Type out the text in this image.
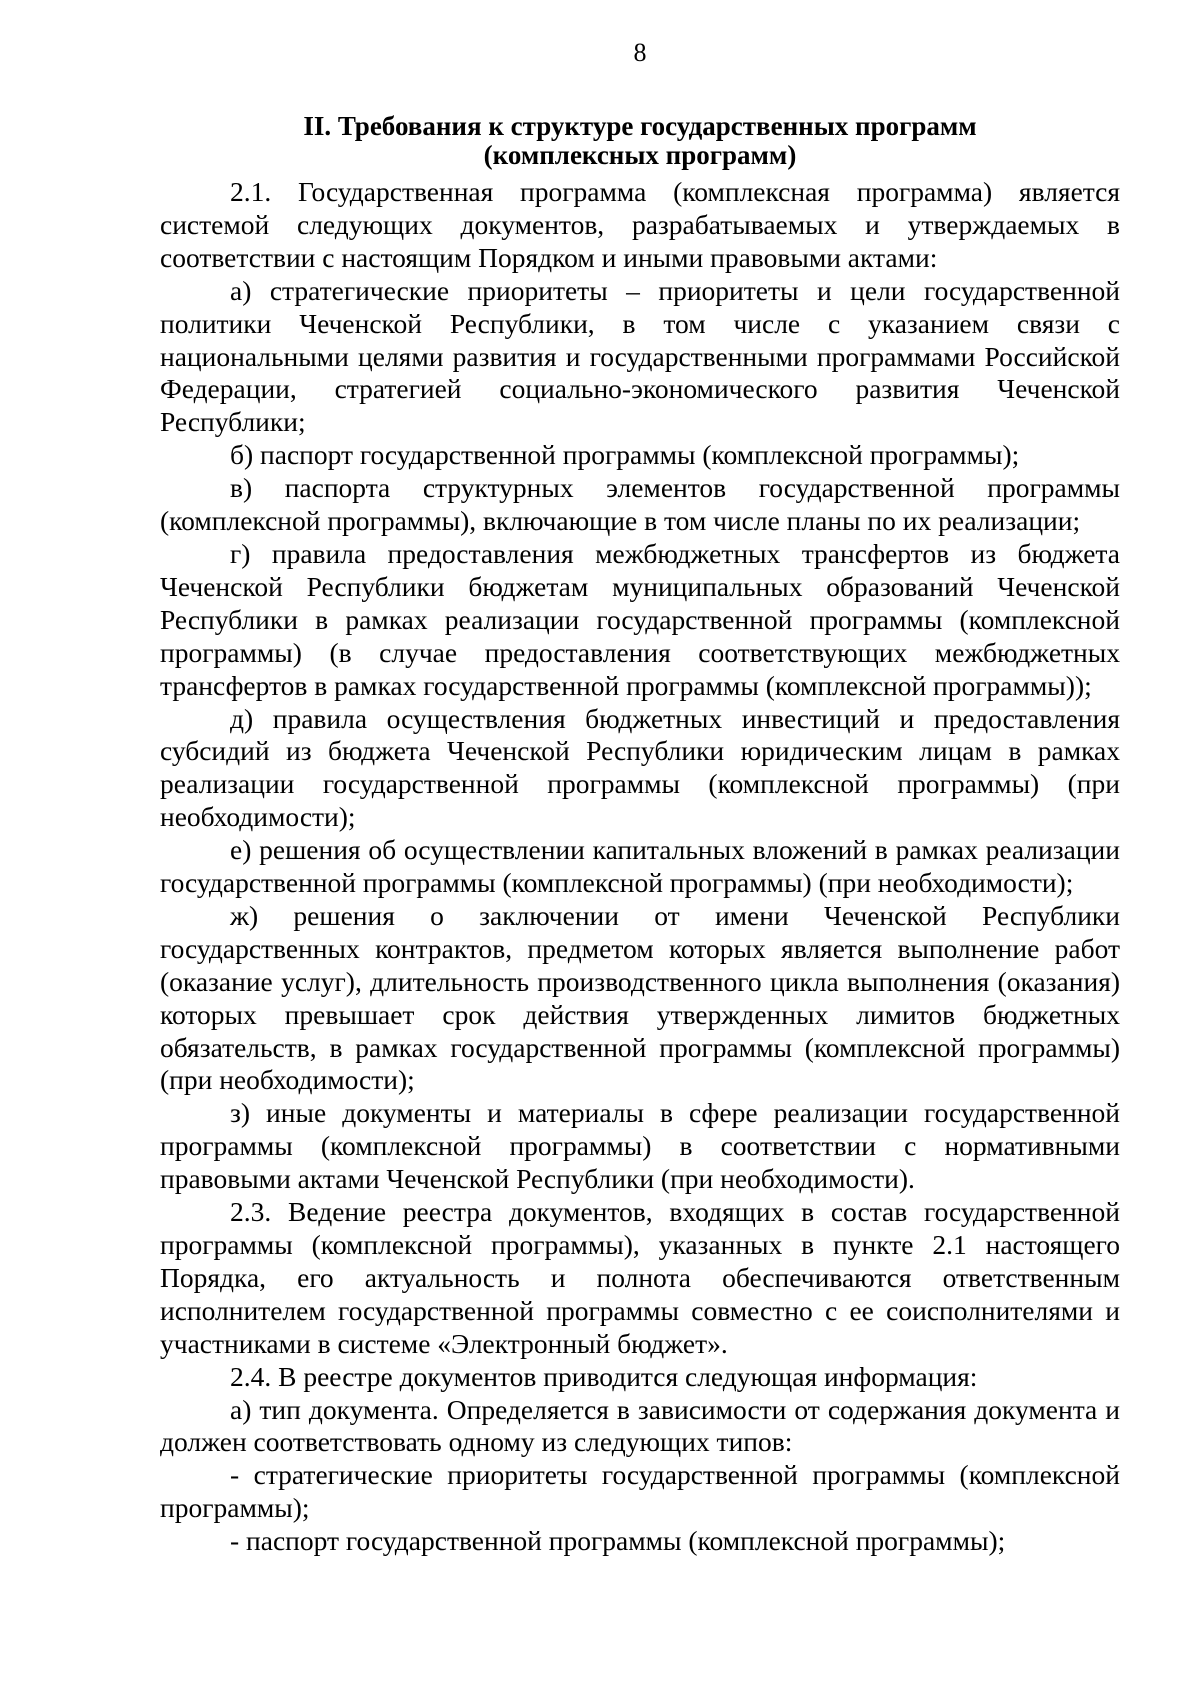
8
II. Требования к структуре государственных программ
(комплексных программ)

2.1. Государственная программа (комплексная программа) является системой следующих документов, разрабатываемых и утверждаемых в соответствии с настоящим Порядком и иными правовыми актами:

а) стратегические приоритеты – приоритеты и цели государственной политики Чеченской Республики, в том числе с указанием связи с национальными целями развития и государственными программами Российской Федерации, стратегией социально-экономического развития Чеченской Республики;

б) паспорт государственной программы (комплексной программы);

в) паспорта структурных элементов государственной программы (комплексной программы), включающие в том числе планы по их реализации;

г) правила предоставления межбюджетных трансфертов из бюджета Чеченской Республики бюджетам муниципальных образований Чеченской Республики в рамках реализации государственной программы (комплексной программы) (в случае предоставления соответствующих межбюджетных трансфертов в рамках государственной программы (комплексной программы));

д) правила осуществления бюджетных инвестиций и предоставления субсидий из бюджета Чеченской Республики юридическим лицам в рамках реализации государственной программы (комплексной программы) (при необходимости);

е) решения об осуществлении капитальных вложений в рамках реализации государственной программы (комплексной программы) (при необходимости);

ж) решения о заключении от имени Чеченской Республики государственных контрактов, предметом которых является выполнение работ (оказание услуг), длительность производственного цикла выполнения (оказания) которых превышает срок действия утвержденных лимитов бюджетных обязательств, в рамках государственной программы (комплексной программы) (при необходимости);

з) иные документы и материалы в сфере реализации государственной программы (комплексной программы) в соответствии с нормативными правовыми актами Чеченской Республики (при необходимости).

2.3. Ведение реестра документов, входящих в состав государственной программы (комплексной программы), указанных в пункте 2.1 настоящего Порядка, его актуальность и полнота обеспечиваются ответственным исполнителем государственной программы совместно с ее соисполнителями и участниками в системе «Электронный бюджет».

2.4. В реестре документов приводится следующая информация:

а) тип документа. Определяется в зависимости от содержания документа и должен соответствовать одному из следующих типов:

- стратегические приоритеты государственной программы (комплексной программы);

- паспорт государственной программы (комплексной программы);
